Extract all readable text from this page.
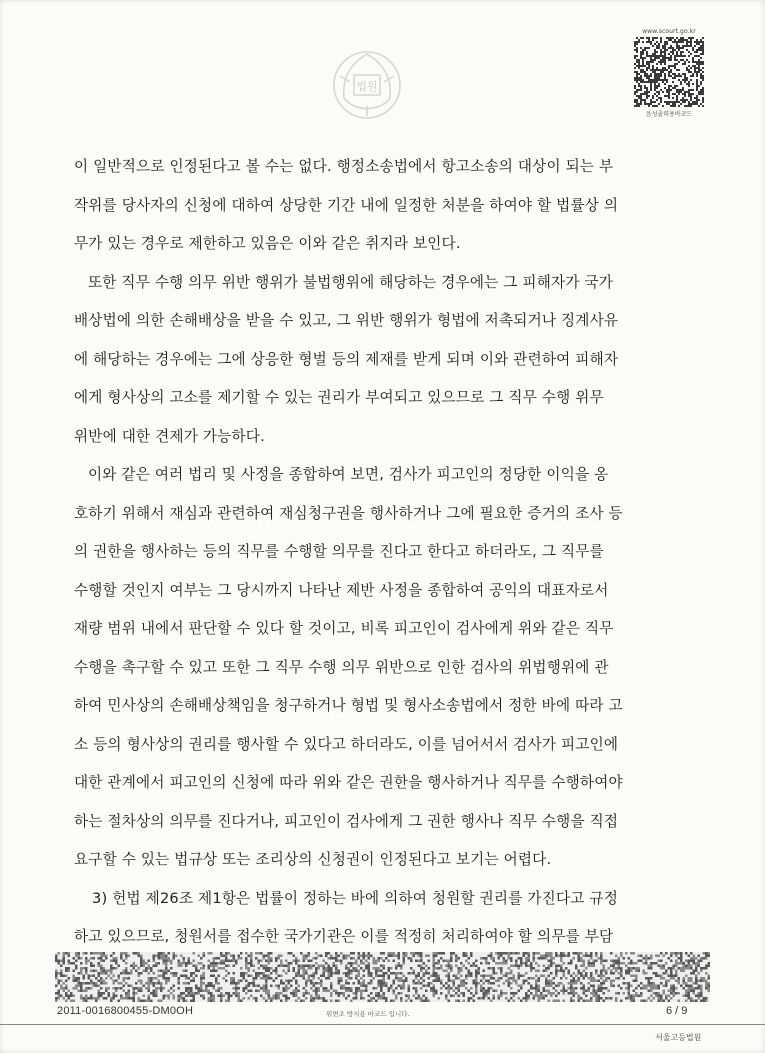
법원
www.scourt.go.kr
음성졸력용바코드
이 일반적으로 인정된다고 볼 수는 없다. 행정소송법에서 항고소송의 대상이 되는 부
작위를 당사자의 신청에 대하여 상당한 기간 내에 일정한 처분을 하여야 할 법률상 의
무가 있는 경우로 제한하고 있음은 이와 같은 취지라 보인다.
또한 직무 수행 의무 위반 행위가 불법행위에 해당하는 경우에는 그 피해자가 국가
배상법에 의한 손해배상을 받을 수 있고, 그 위반 행위가 형법에 저촉되거나 징계사유
에 해당하는 경우에는 그에 상응한 형벌 등의 제재를 받게 되며 이와 관련하여 피해자
에게 형사상의 고소를 제기할 수 있는 권리가 부여되고 있으므로 그 직무 수행 위무
위반에 대한 견제가 가능하다.
이와 같은 여러 법리 및 사정을 종합하여 보면, 검사가 피고인의 정당한 이익을 옹
호하기 위해서 재심과 관련하여 재심청구권을 행사하거나 그에 필요한 증거의 조사 등
의 권한을 행사하는 등의 직무를 수행할 의무를 진다고 한다고 하더라도, 그 직무를
수행할 것인지 여부는 그 당시까지 나타난 제반 사정을 종합하여 공익의 대표자로서
재량 범위 내에서 판단할 수 있다 할 것이고, 비록 피고인이 검사에게 위와 같은 직무
수행을 촉구할 수 있고 또한 그 직무 수행 의무 위반으로 인한 검사의 위법행위에 관
하여 민사상의 손해배상책임을 청구하거나 형법 및 형사소송법에서 정한 바에 따라 고
소 등의 형사상의 권리를 행사할 수 있다고 하더라도, 이를 넘어서서 검사가 피고인에
대한 관계에서 피고인의 신청에 따라 위와 같은 권한을 행사하거나 직무를 수행하여야
하는 절차상의 의무를 진다거나, 피고인이 검사에게 그 권한 행사나 직무 수행을 직접
요구할 수 있는 법규상 또는 조리상의 신청권이 인정된다고 보기는 어렵다.
3) 헌법 제26조 제1항은 법률이 정하는 바에 의하여 청원할 권리를 가진다고 규정
하고 있으므로, 청원서를 접수한 국가기관은 이를 적정히 처리하여야 할 의무를 부담
2011-0016800455-DM0OH	위변조 방지용 바코드 입니다.	6 / 9
서울고등법원
